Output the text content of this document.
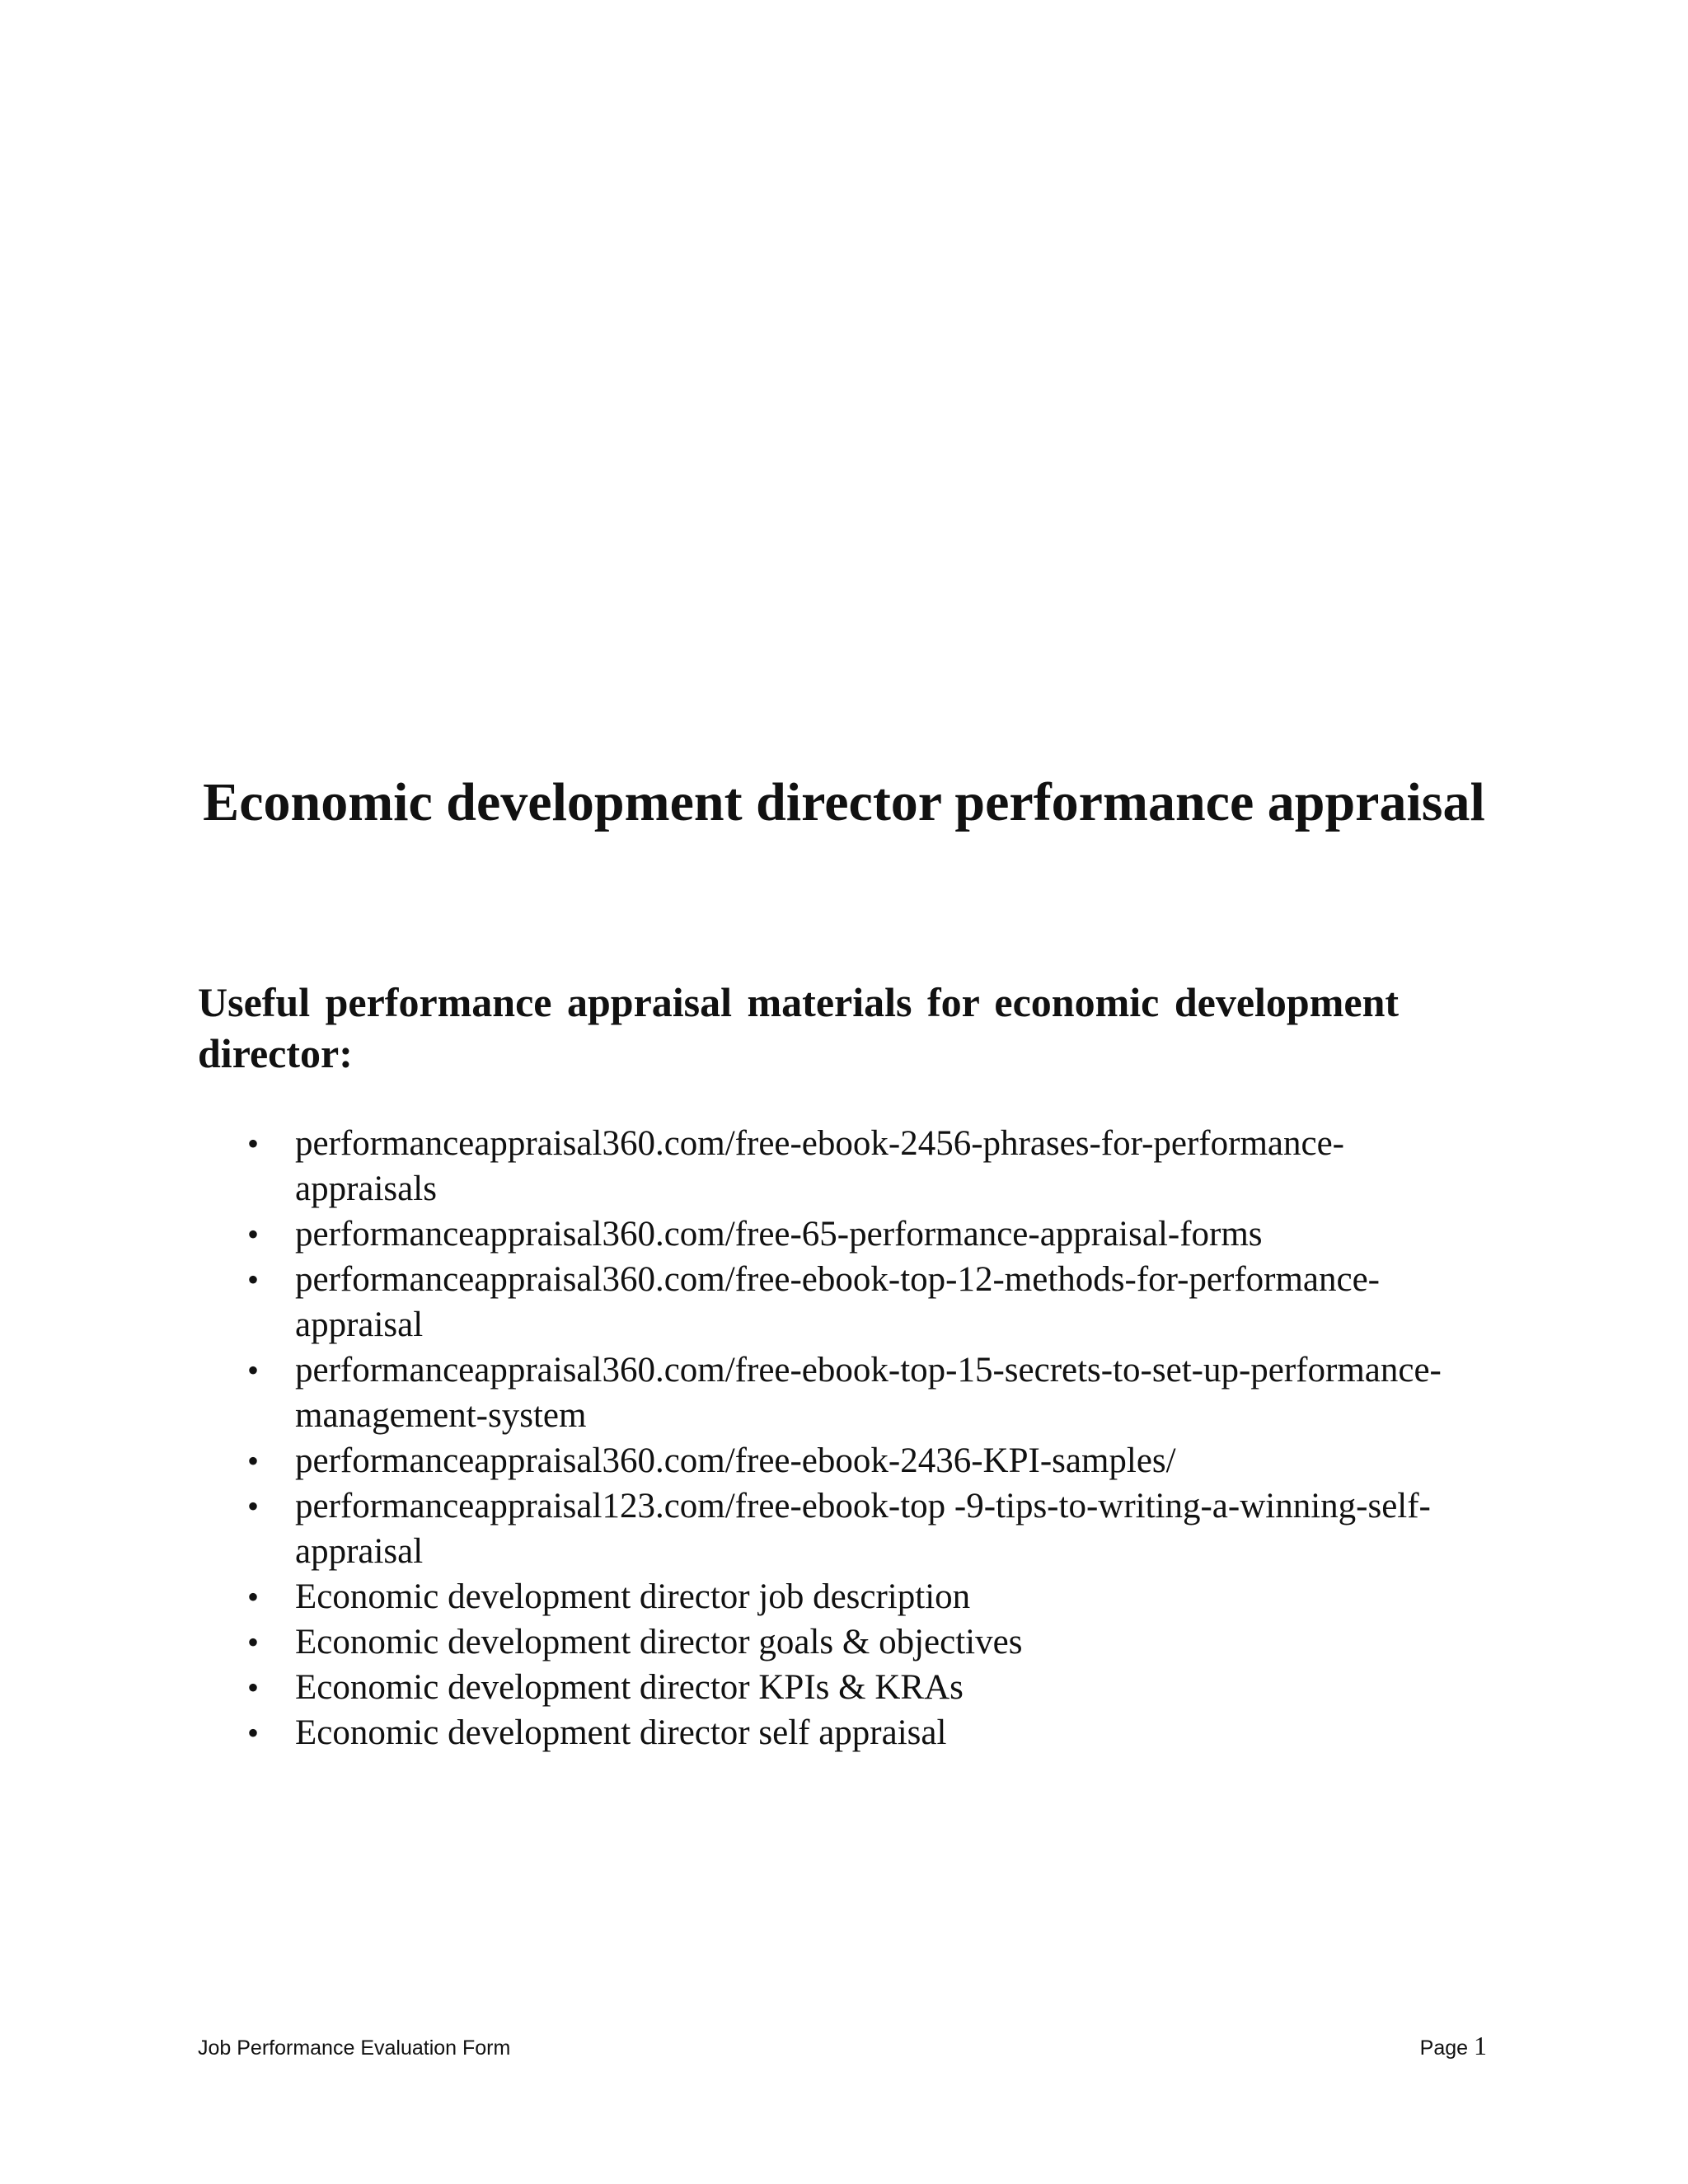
Economic development director performance appraisal
Useful performance appraisal materials for economic development director:
•	performanceappraisal360.com/free-ebook-2456-phrases-for-performance-appraisals
•	performanceappraisal360.com/free-65-performance-appraisal-forms
•	performanceappraisal360.com/free-ebook-top-12-methods-for-performance-appraisal
•	performanceappraisal360.com/free-ebook-top-15-secrets-to-set-up-performance-management-system
•	performanceappraisal360.com/free-ebook-2436-KPI-samples/
•	performanceappraisal123.com/free-ebook-top -9-tips-to-writing-a-winning-self-appraisal
•	Economic development director job description
•	Economic development director goals & objectives
•	Economic development director KPIs & KRAs
•	Economic development director self appraisal
Job Performance Evaluation Form	Page 1
